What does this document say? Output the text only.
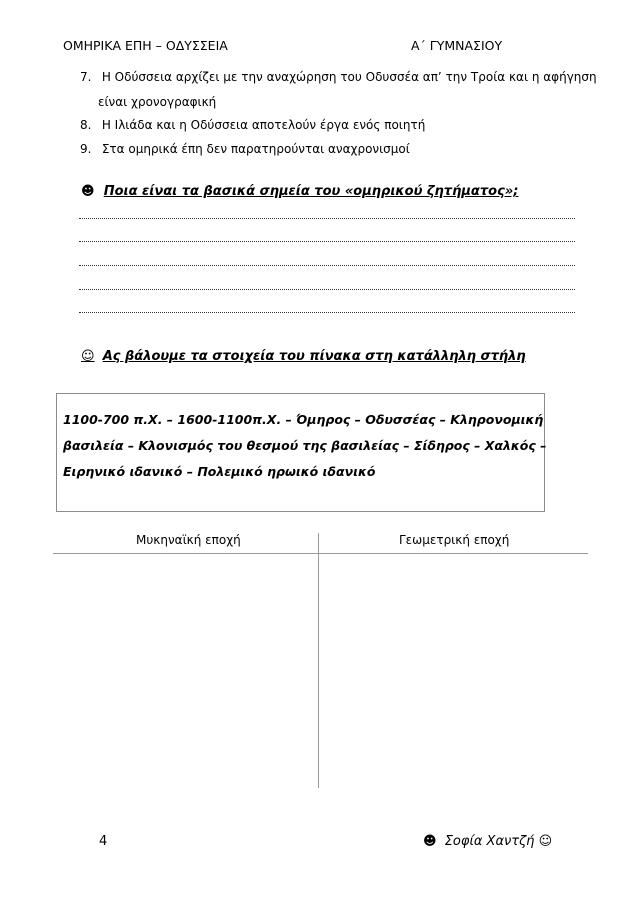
ΟΜΗΡΙΚΑ ΕΠΗ – ΟΔΥΣΣΕΙΑ	Α΄ ΓΥΜΝΑΣΙΟΥ
7. Η Οδύσσεια αρχίζει με την αναχώρηση του Οδυσσέα απ’ την Τροία και η αφήγηση
είναι χρονογραφική
8. Η Ιλιάδα και η Οδύσσεια αποτελούν έργα ενός ποιητή
9. Στα ομηρικά έπη δεν παρατηρούνται αναχρονισμοί
☻ Ποια είναι τα βασικά σημεία του «ομηρικού ζητήματος»;
☺ Ας βάλουμε τα στοιχεία του πίνακα στη κατάλληλη στήλη

1100-700 π.Χ. – 1600-1100π.Χ. – Όμηρος – Οδυσσέας – Κληρονομική

βασιλεία – Κλονισμός του θεσμού της βασιλείας – Σίδηρος – Χαλκός –

Ειρηνικό ιδανικό – Πολεμικό ηρωικό ιδανικό

Μυκηναϊκή εποχή	Γεωμετρική εποχή
4	☻ Σοφία Χαντζή ☺
